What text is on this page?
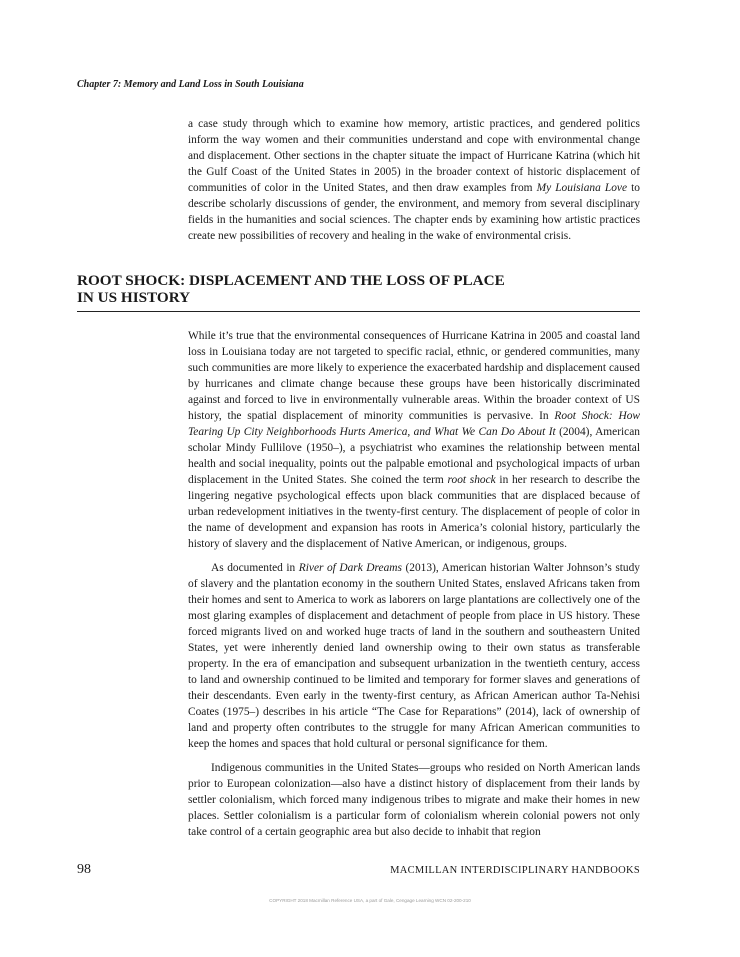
Chapter 7: Memory and Land Loss in South Louisiana

a case study through which to examine how memory, artistic practices, and gendered politics inform the way women and their communities understand and cope with environmental change and displacement. Other sections in the chapter situate the impact of Hurricane Katrina (which hit the Gulf Coast of the United States in 2005) in the broader context of historic displacement of communities of color in the United States, and then draw examples from My Louisiana Love to describe scholarly discussions of gender, the environment, and memory from several disciplinary fields in the humanities and social sciences. The chapter ends by examining how artistic practices create new possibilities of recovery and healing in the wake of environmental crisis.

ROOT SHOCK: DISPLACEMENT AND THE LOSS OF PLACE
IN US HISTORY

While it’s true that the environmental consequences of Hurricane Katrina in 2005 and coastal land loss in Louisiana today are not targeted to specific racial, ethnic, or gendered communities, many such communities are more likely to experience the exacerbated hardship and displacement caused by hurricanes and climate change because these groups have been historically discriminated against and forced to live in environmentally vulnerable areas. Within the broader context of US history, the spatial displacement of minority communities is pervasive. In Root Shock: How Tearing Up City Neighborhoods Hurts America, and What We Can Do About It (2004), American scholar Mindy Fullilove (1950–), a psychiatrist who examines the relationship between mental health and social inequality, points out the palpable emotional and psychological impacts of urban displacement in the United States. She coined the term root shock in her research to describe the lingering negative psychological effects upon black communities that are displaced because of urban redevelopment initiatives in the twenty-first century. The displacement of people of color in the name of development and expansion has roots in America’s colonial history, particularly the history of slavery and the displacement of Native American, or indigenous, groups.

As documented in River of Dark Dreams (2013), American historian Walter Johnson’s study of slavery and the plantation economy in the southern United States, enslaved Africans taken from their homes and sent to America to work as laborers on large plantations are collectively one of the most glaring examples of displacement and detachment of people from place in US history. These forced migrants lived on and worked huge tracts of land in the southern and southeastern United States, yet were inherently denied land ownership owing to their own status as transferable property. In the era of emancipation and subsequent urbanization in the twentieth century, access to land and ownership continued to be limited and temporary for former slaves and generations of their descendants. Even early in the twenty-first century, as African American author Ta-Nehisi Coates (1975–) describes in his article “The Case for Reparations” (2014), lack of ownership of land and property often contributes to the struggle for many African American communities to keep the homes and spaces that hold cultural or personal significance for them.

Indigenous communities in the United States—groups who resided on North American lands prior to European colonization—also have a distinct history of displacement from their lands by settler colonialism, which forced many indigenous tribes to migrate and make their homes in new places. Settler colonialism is a particular form of colonialism wherein colonial powers not only take control of a certain geographic area but also decide to inhabit that region

98	MACMILLAN INTERDISCIPLINARY HANDBOOKS
COPYRIGHT 2018 Macmillan Reference USA, a part of Gale, Cengage Learning WCN 02-200-210
